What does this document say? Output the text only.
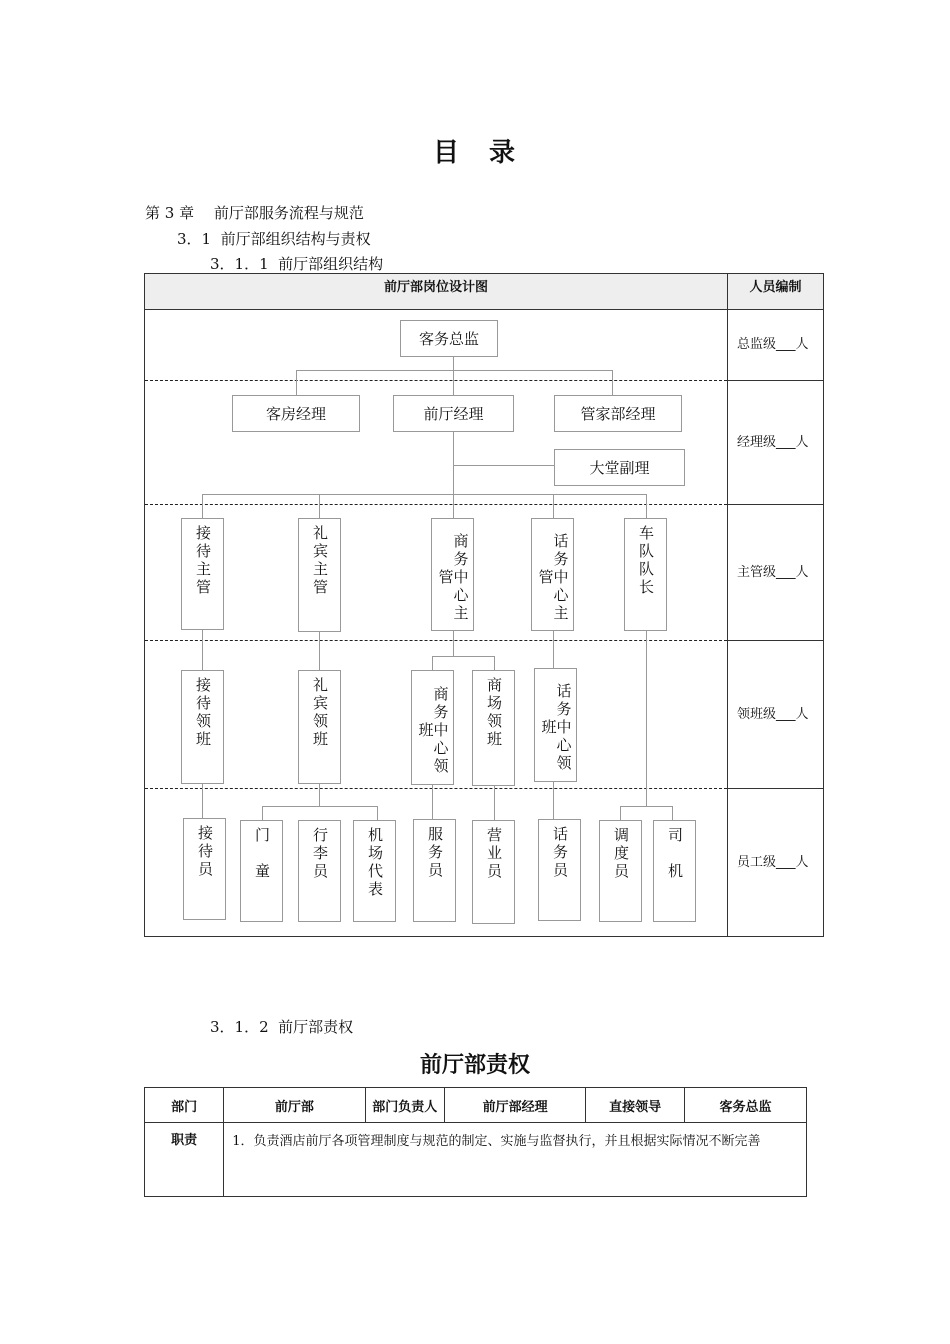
目　录
第 3 章　 前厅部服务流程与规范
3．1  前厅部组织结构与责权
3．1．1  前厅部组织结构
前厅部岗位设计图	人员编制
总监级___人
经理级___人
主管级___人
领班级___人
员工级___人
客务总监
客房经理	前厅经理	管家部经理
大堂副理
接待主管	礼宾主管	商务中心主管	话务中心主管	车队队长
接待领班	礼宾领班	商务中心领班	商场领班	话务中心领班
接待员	门　童	行李员	机场代表	服务员	营业员	话务员	调度员	司　机
3．1．2  前厅部责权
前厅部责权
部门	前厅部	部门负责人	前厅部经理	直接领导	客务总监
职责	1．负责酒店前厅各项管理制度与规范的制定、实施与监督执行，并且根据实际情况不断完善				
